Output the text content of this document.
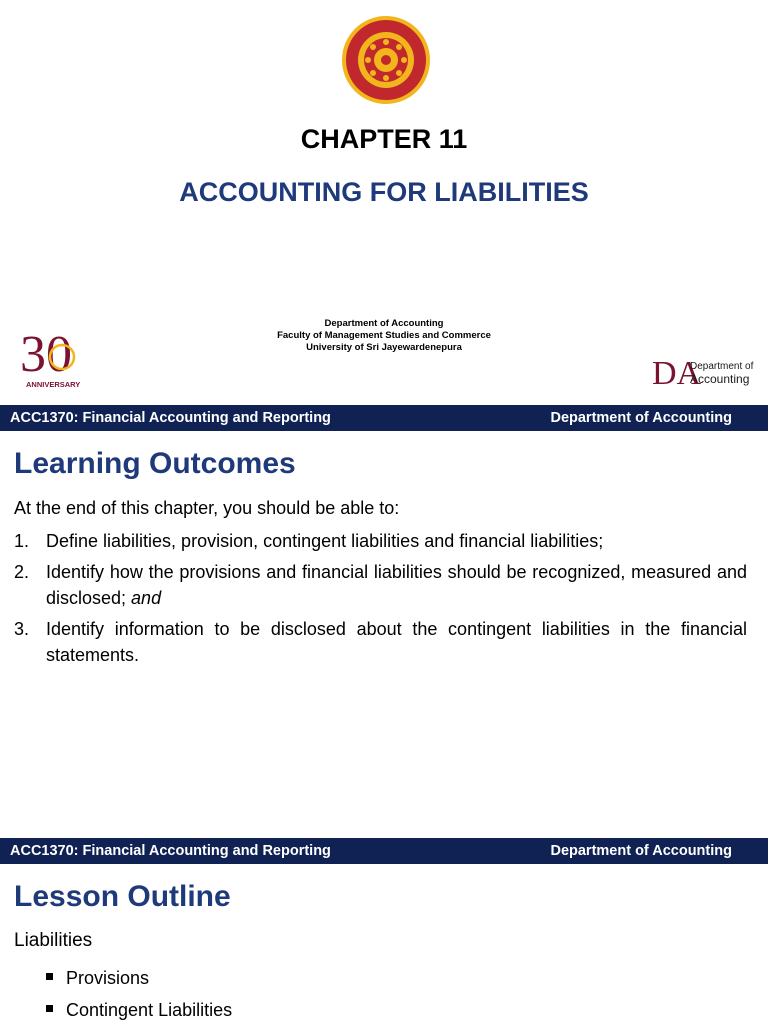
CHAPTER 11
ACCOUNTING FOR LIABILITIES
Department of Accounting
Faculty of Management Studies and Commerce
University of Sri Jayewardenepura
30
ANNIVERSARY	DA
Department of
Accounting
ACC1370: Financial Accounting and Reporting	Department of Accounting
Learning Outcomes
At the end of this chapter, you should be able to:
1. Define liabilities, provision, contingent liabilities and financial liabilities;
2. Identify how the provisions and financial liabilities should be recognized, measured and disclosed; and
3. Identify information to be disclosed about the contingent liabilities in the financial statements.
ACC1370: Financial Accounting and Reporting	Department of Accounting
Lesson Outline
Liabilities
Provisions
Contingent Liabilities
